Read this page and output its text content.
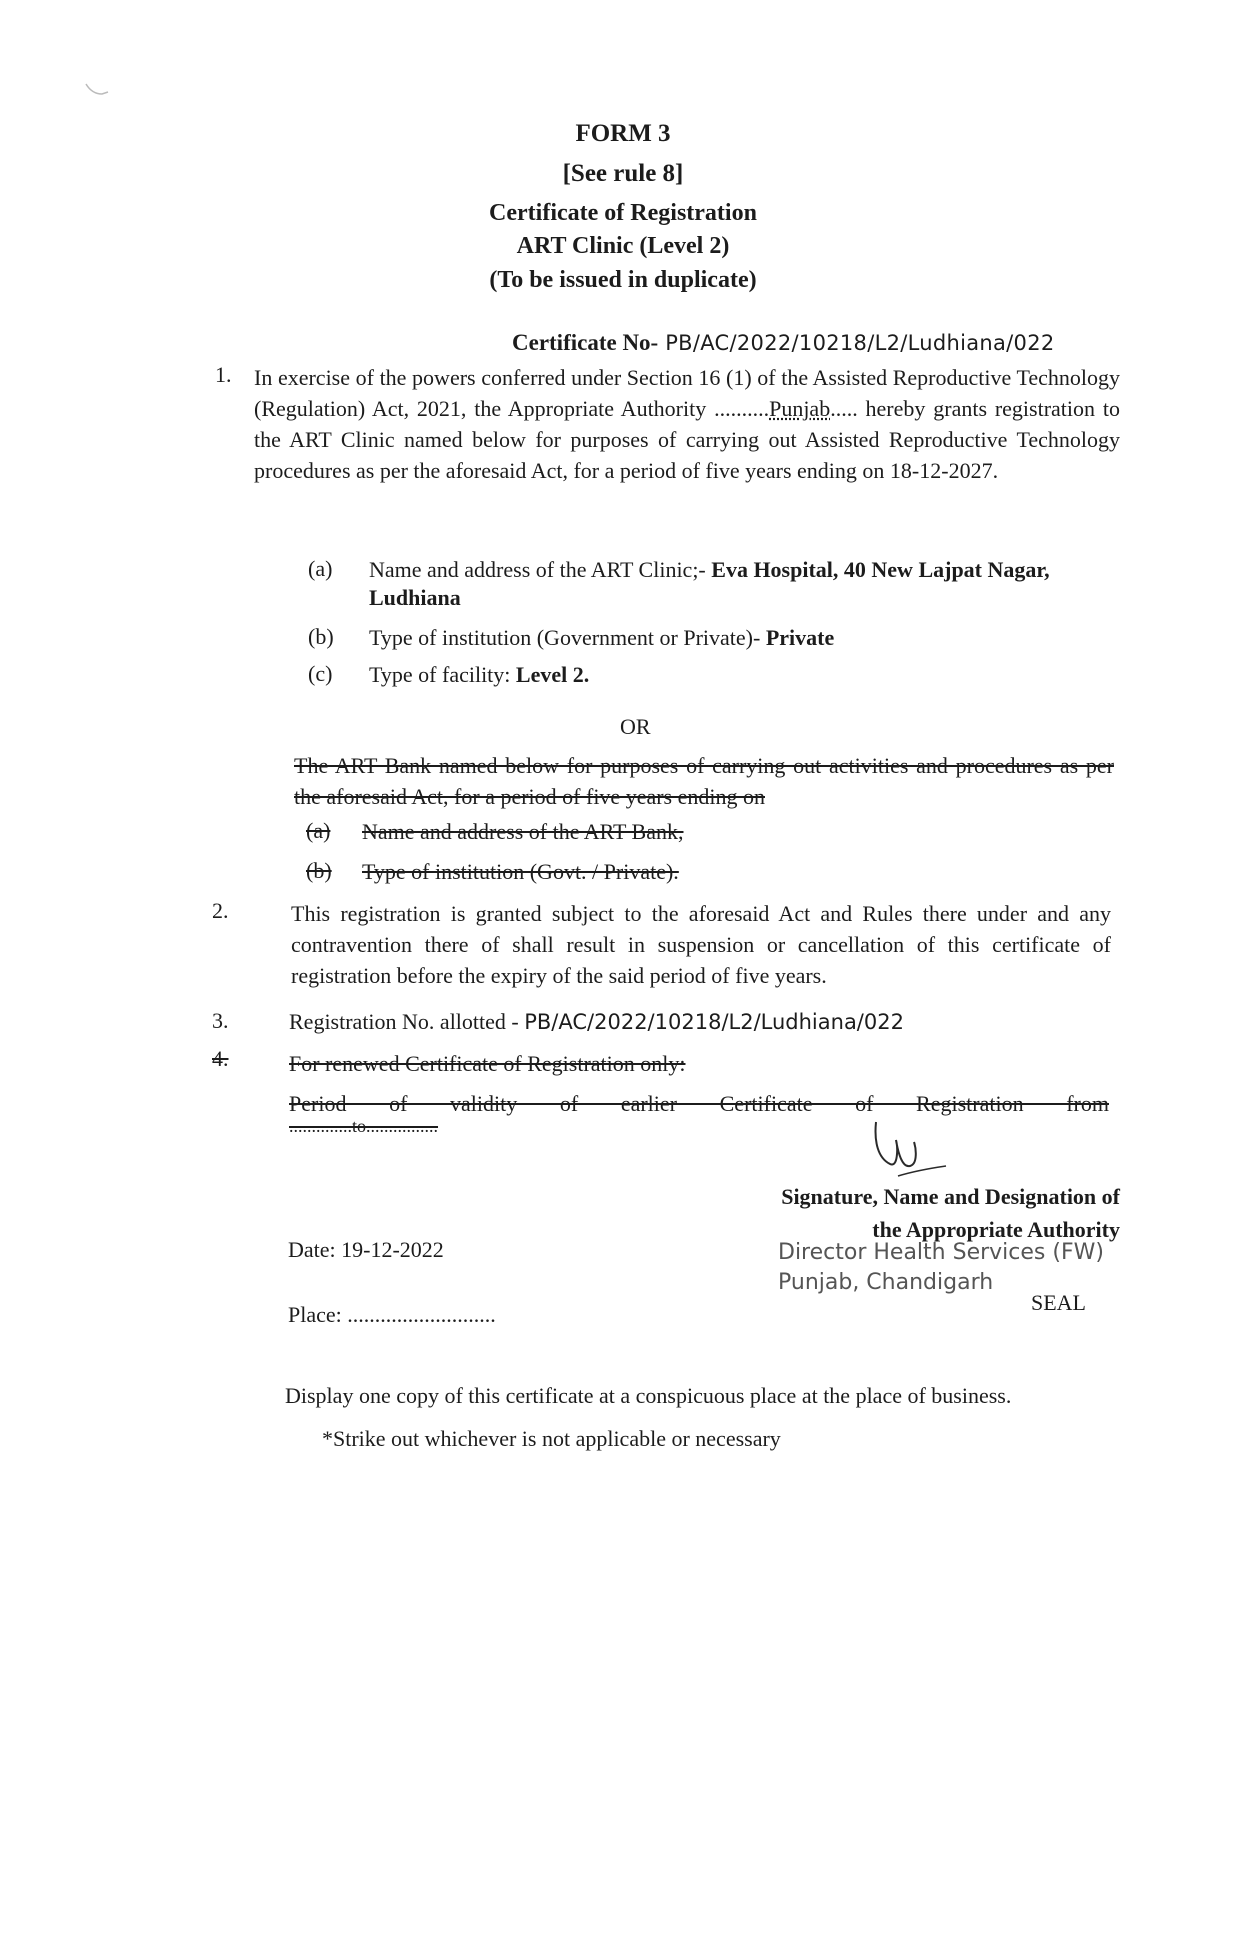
FORM 3
[See rule 8]
Certificate of Registration
ART Clinic (Level 2)
(To be issued in duplicate)
Certificate No- PB/AC/2022/10218/L2/Ludhiana/022
1. In exercise of the powers conferred under Section 16 (1) of the Assisted Reproductive Technology (Regulation) Act, 2021, the Appropriate Authority ..........Punjab..... hereby grants registration to the ART Clinic named below for purposes of carrying out Assisted Reproductive Technology procedures as per the aforesaid Act, for a period of five years ending on 18-12-2027.
(a) Name and address of the ART Clinic;- Eva Hospital, 40 New Lajpat Nagar, Ludhiana
(b) Type of institution (Government or Private)- Private
(c) Type of facility: Level 2.
OR
The ART Bank named below for purposes of carrying out activities and procedures as per the aforesaid Act, for a period of five years ending on
(a) Name and address of the ART Bank,
(b) Type of institution (Govt. / Private).
2.	This registration is granted subject to the aforesaid Act and Rules there under and any contravention there of shall result in suspension or cancellation of this certificate of registration before the expiry of the said period of five years.
3.	Registration No. allotted - PB/AC/2022/10218/L2/Ludhiana/022
4.	For renewed Certificate of Registration only:
Period of validity of earlier Certificate of Registration from
..............to................
Signature, Name and Designation of
the Appropriate Authority
Director Health Services (FW)
Punjab, Chandigarh
SEAL
Date: 19-12-2022
Place: ...........................
Display one copy of this certificate at a conspicuous place at the place of business.
*Strike out whichever is not applicable or necessary
